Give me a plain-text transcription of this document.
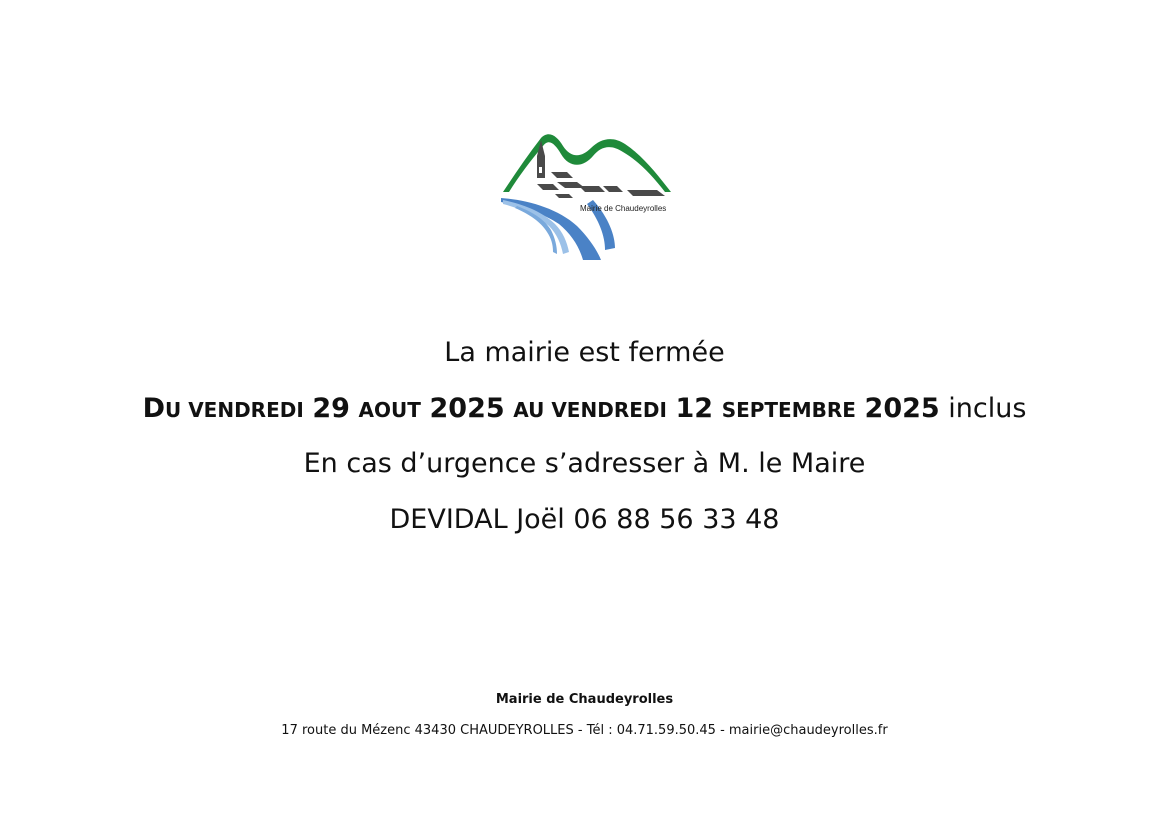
Mairie de Chaudeyrolles
La mairie est fermée
DU VENDREDI 29 AOUT 2025 AU VENDREDI 12 SEPTEMBRE 2025 inclus
En cas d’urgence s’adresser à M. le Maire
DEVIDAL Joël 06 88 56 33 48
Mairie de Chaudeyrolles
17 route du Mézenc 43430 CHAUDEYROLLES - Tél : 04.71.59.50.45 - mairie@chaudeyrolles.fr
